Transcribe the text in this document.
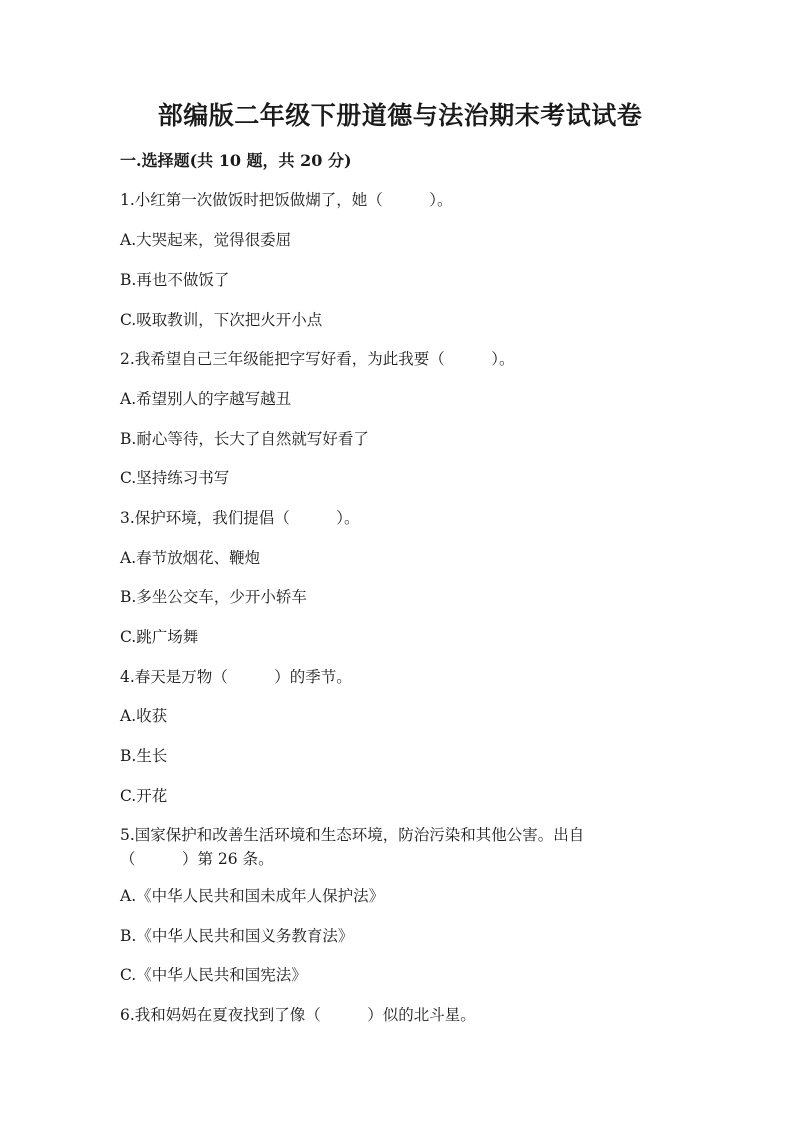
部编版二年级下册道德与法治期末考试试卷
一.选择题(共 10 题，共 20 分)
1.小红第一次做饭时把饭做煳了，她（　　　）。
A.大哭起来，觉得很委屈
B.再也不做饭了
C.吸取教训，下次把火开小点
2.我希望自己三年级能把字写好看，为此我要（　　　）。
A.希望别人的字越写越丑
B.耐心等待，长大了自然就写好看了
C.坚持练习书写
3.保护环境，我们提倡（　　　）。
A.春节放烟花、鞭炮
B.多坐公交车，少开小轿车
C.跳广场舞
4.春天是万物（　　　）的季节。
A.收获
B.生长
C.开花
5.国家保护和改善生活环境和生态环境，防治污染和其他公害。出自
（　　　）第 26 条。
A.《中华人民共和国未成年人保护法》
B.《中华人民共和国义务教育法》
C.《中华人民共和国宪法》
6.我和妈妈在夏夜找到了像（　　　）似的北斗星。
